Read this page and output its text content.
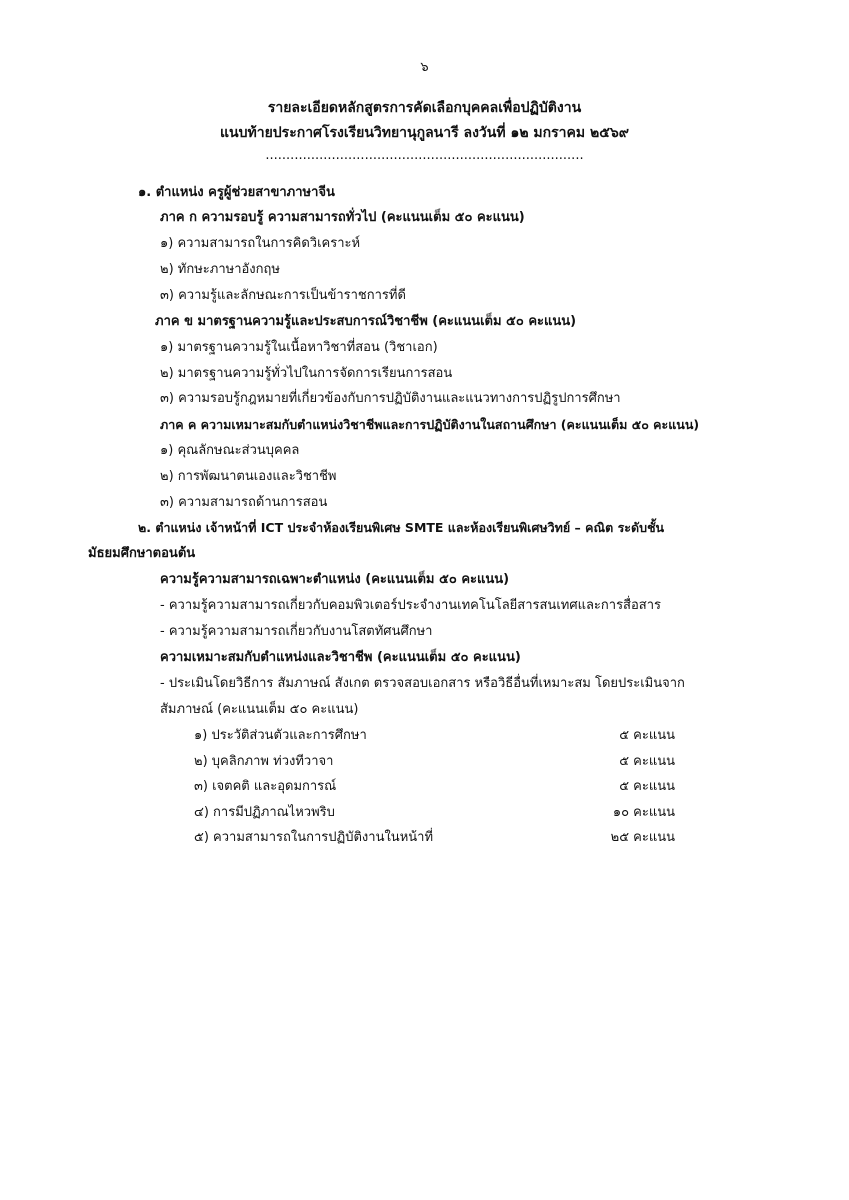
๖
รายละเอียดหลักสูตรการคัดเลือกบุคคลเพื่อปฏิบัติงาน
แนบท้ายประกาศโรงเรียนวิทยานุกูลนารี ลงวันที่ ๑๒ มกราคม ๒๕๖๙
.............................................................................
๑. ตำแหน่ง ครูผู้ช่วยสาขาภาษาจีน
ภาค ก ความรอบรู้ ความสามารถทั่วไป (คะแนนเต็ม ๕๐ คะแนน)
๑) ความสามารถในการคิดวิเคราะห์
๒) ทักษะภาษาอังกฤษ
๓) ความรู้และลักษณะการเป็นข้าราชการที่ดี
ภาค ข มาตรฐานความรู้และประสบการณ์วิชาชีพ (คะแนนเต็ม ๕๐ คะแนน)
๑) มาตรฐานความรู้ในเนื้อหาวิชาที่สอน (วิชาเอก)
๒) มาตรฐานความรู้ทั่วไปในการจัดการเรียนการสอน
๓) ความรอบรู้กฎหมายที่เกี่ยวข้องกับการปฏิบัติงานและแนวทางการปฏิรูปการศึกษา
ภาค ค ความเหมาะสมกับตำแหน่งวิชาชีพและการปฏิบัติงานในสถานศึกษา (คะแนนเต็ม ๕๐ คะแนน)
๑) คุณลักษณะส่วนบุคคล
๒) การพัฒนาตนเองและวิชาชีพ
๓) ความสามารถด้านการสอน
๒. ตำแหน่ง เจ้าหน้าที่ ICT ประจำห้องเรียนพิเศษ SMTE และห้องเรียนพิเศษวิทย์ – คณิต ระดับชั้น
มัธยมศึกษาตอนต้น
ความรู้ความสามารถเฉพาะตำแหน่ง (คะแนนเต็ม ๕๐ คะแนน)
- ความรู้ความสามารถเกี่ยวกับคอมพิวเตอร์ประจำงานเทคโนโลยีสารสนเทศและการสื่อสาร
- ความรู้ความสามารถเกี่ยวกับงานโสตทัศนศึกษา
ความเหมาะสมกับตำแหน่งและวิชาชีพ (คะแนนเต็ม ๕๐ คะแนน)
- ประเมินโดยวิธีการ สัมภาษณ์ สังเกต ตรวจสอบเอกสาร หรือวิธีอื่นที่เหมาะสม โดยประเมินจาก
สัมภาษณ์ (คะแนนเต็ม ๕๐ คะแนน)
๑) ประวัติส่วนตัวและการศึกษา	๕ คะแนน
๒) บุคลิกภาพ ท่วงทีวาจา	๕ คะแนน
๓) เจตคติ และอุดมการณ์	๕ คะแนน
๔) การมีปฏิภาณไหวพริบ	๑๐ คะแนน
๕) ความสามารถในการปฏิบัติงานในหน้าที่	๒๕ คะแนน
